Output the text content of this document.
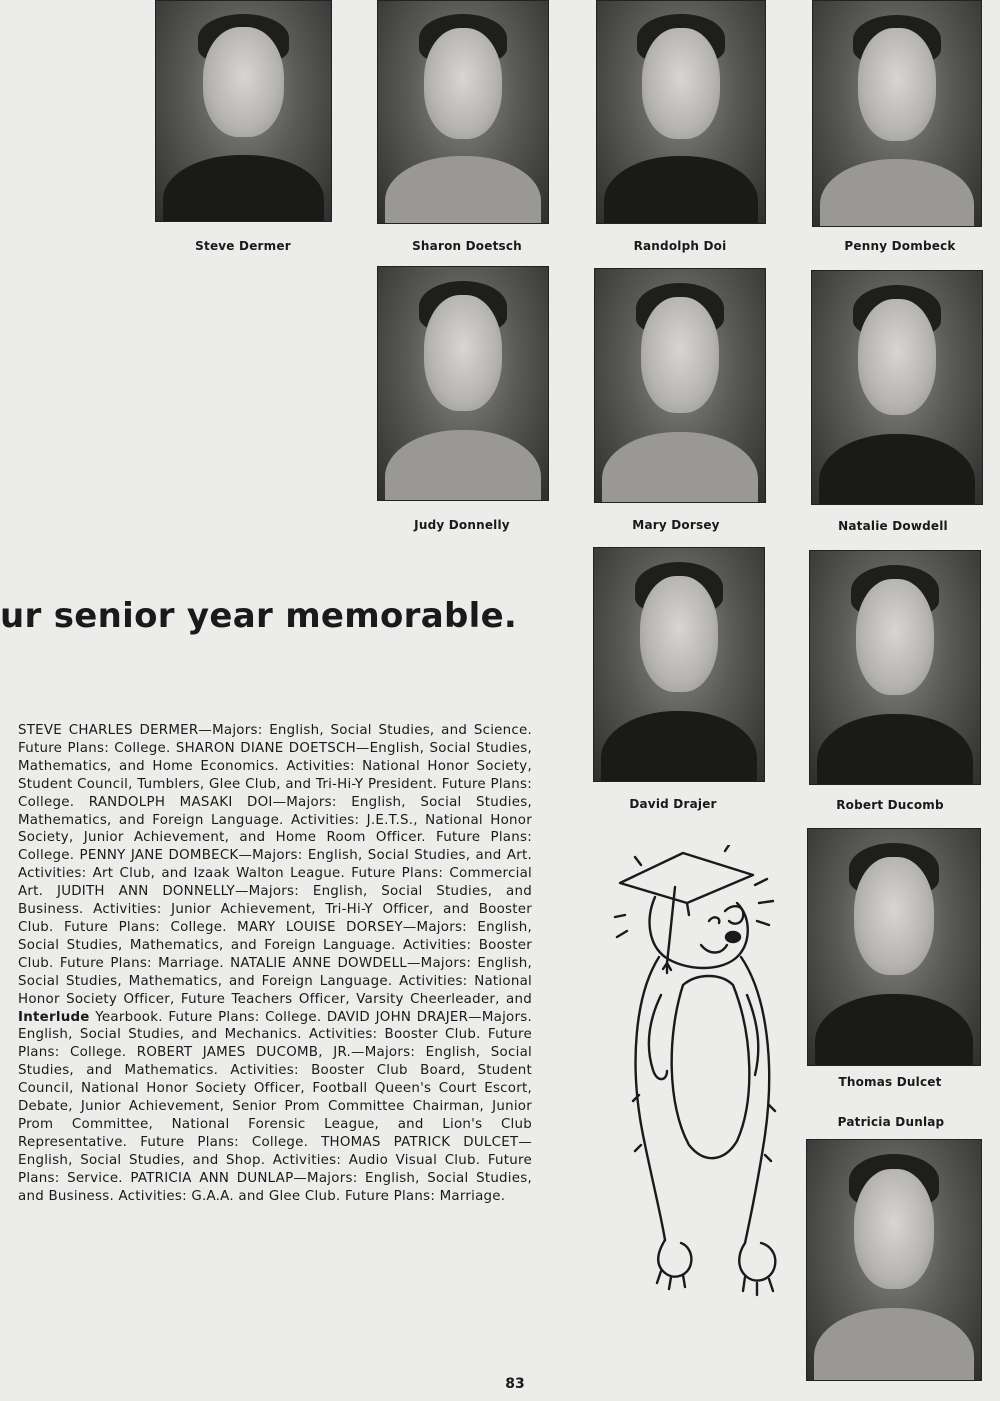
Steve Dermer	Sharon Doetsch	Randolph Doi	Penny Dombeck
Judy Donnelly	Mary Dorsey	Natalie Dowdell
ur senior year memorable.
David Drajer	Robert Ducomb
Thomas Dulcet
Patricia Dunlap
STEVE CHARLES DERMER—Majors: English, Social Studies, and Science. Future Plans: College. SHARON DIANE DOETSCH—English, Social Studies, Mathematics, and Home Economics. Activities: National Honor Society, Student Council, Tumblers, Glee Club, and Tri-Hi-Y President. Future Plans: College. RANDOLPH MASAKI DOI—Majors: English, Social Studies, Mathematics, and Foreign Language. Activities: J.E.T.S., National Honor Society, Junior Achievement, and Home Room Officer. Future Plans: College. PENNY JANE DOMBECK—Majors: English, Social Studies, and Art. Activities: Art Club, and Izaak Walton League. Future Plans: Commercial Art. JUDITH ANN DONNELLY—Majors: English, Social Studies, and Business. Activities: Junior Achievement, Tri-Hi-Y Officer, and Booster Club. Future Plans: College. MARY LOUISE DORSEY—Majors: English, Social Studies, Mathematics, and Foreign Language. Activities: Booster Club. Future Plans: Marriage. NATALIE ANNE DOWDELL—Majors: English, Social Studies, Mathematics, and Foreign Language. Activities: National Honor Society Officer, Future Teachers Officer, Varsity Cheerleader, and Interlude Yearbook. Future Plans: College. DAVID JOHN DRAJER—Majors. English, Social Studies, and Mechanics. Activities: Booster Club. Future Plans: College. ROBERT JAMES DUCOMB, JR.—Majors: English, Social Studies, and Mathematics. Activities: Booster Club Board, Student Council, National Honor Society Officer, Football Queen's Court Escort, Debate, Junior Achievement, Senior Prom Committee Chairman, Junior Prom Committee, National Forensic League, and Lion's Club Representative. Future Plans: College. THOMAS PATRICK DULCET—English, Social Studies, and Shop. Activities: Audio Visual Club. Future Plans: Service. PATRICIA ANN DUNLAP—Majors: English, Social Studies, and Business. Activities: G.A.A. and Glee Club. Future Plans: Marriage.
83
